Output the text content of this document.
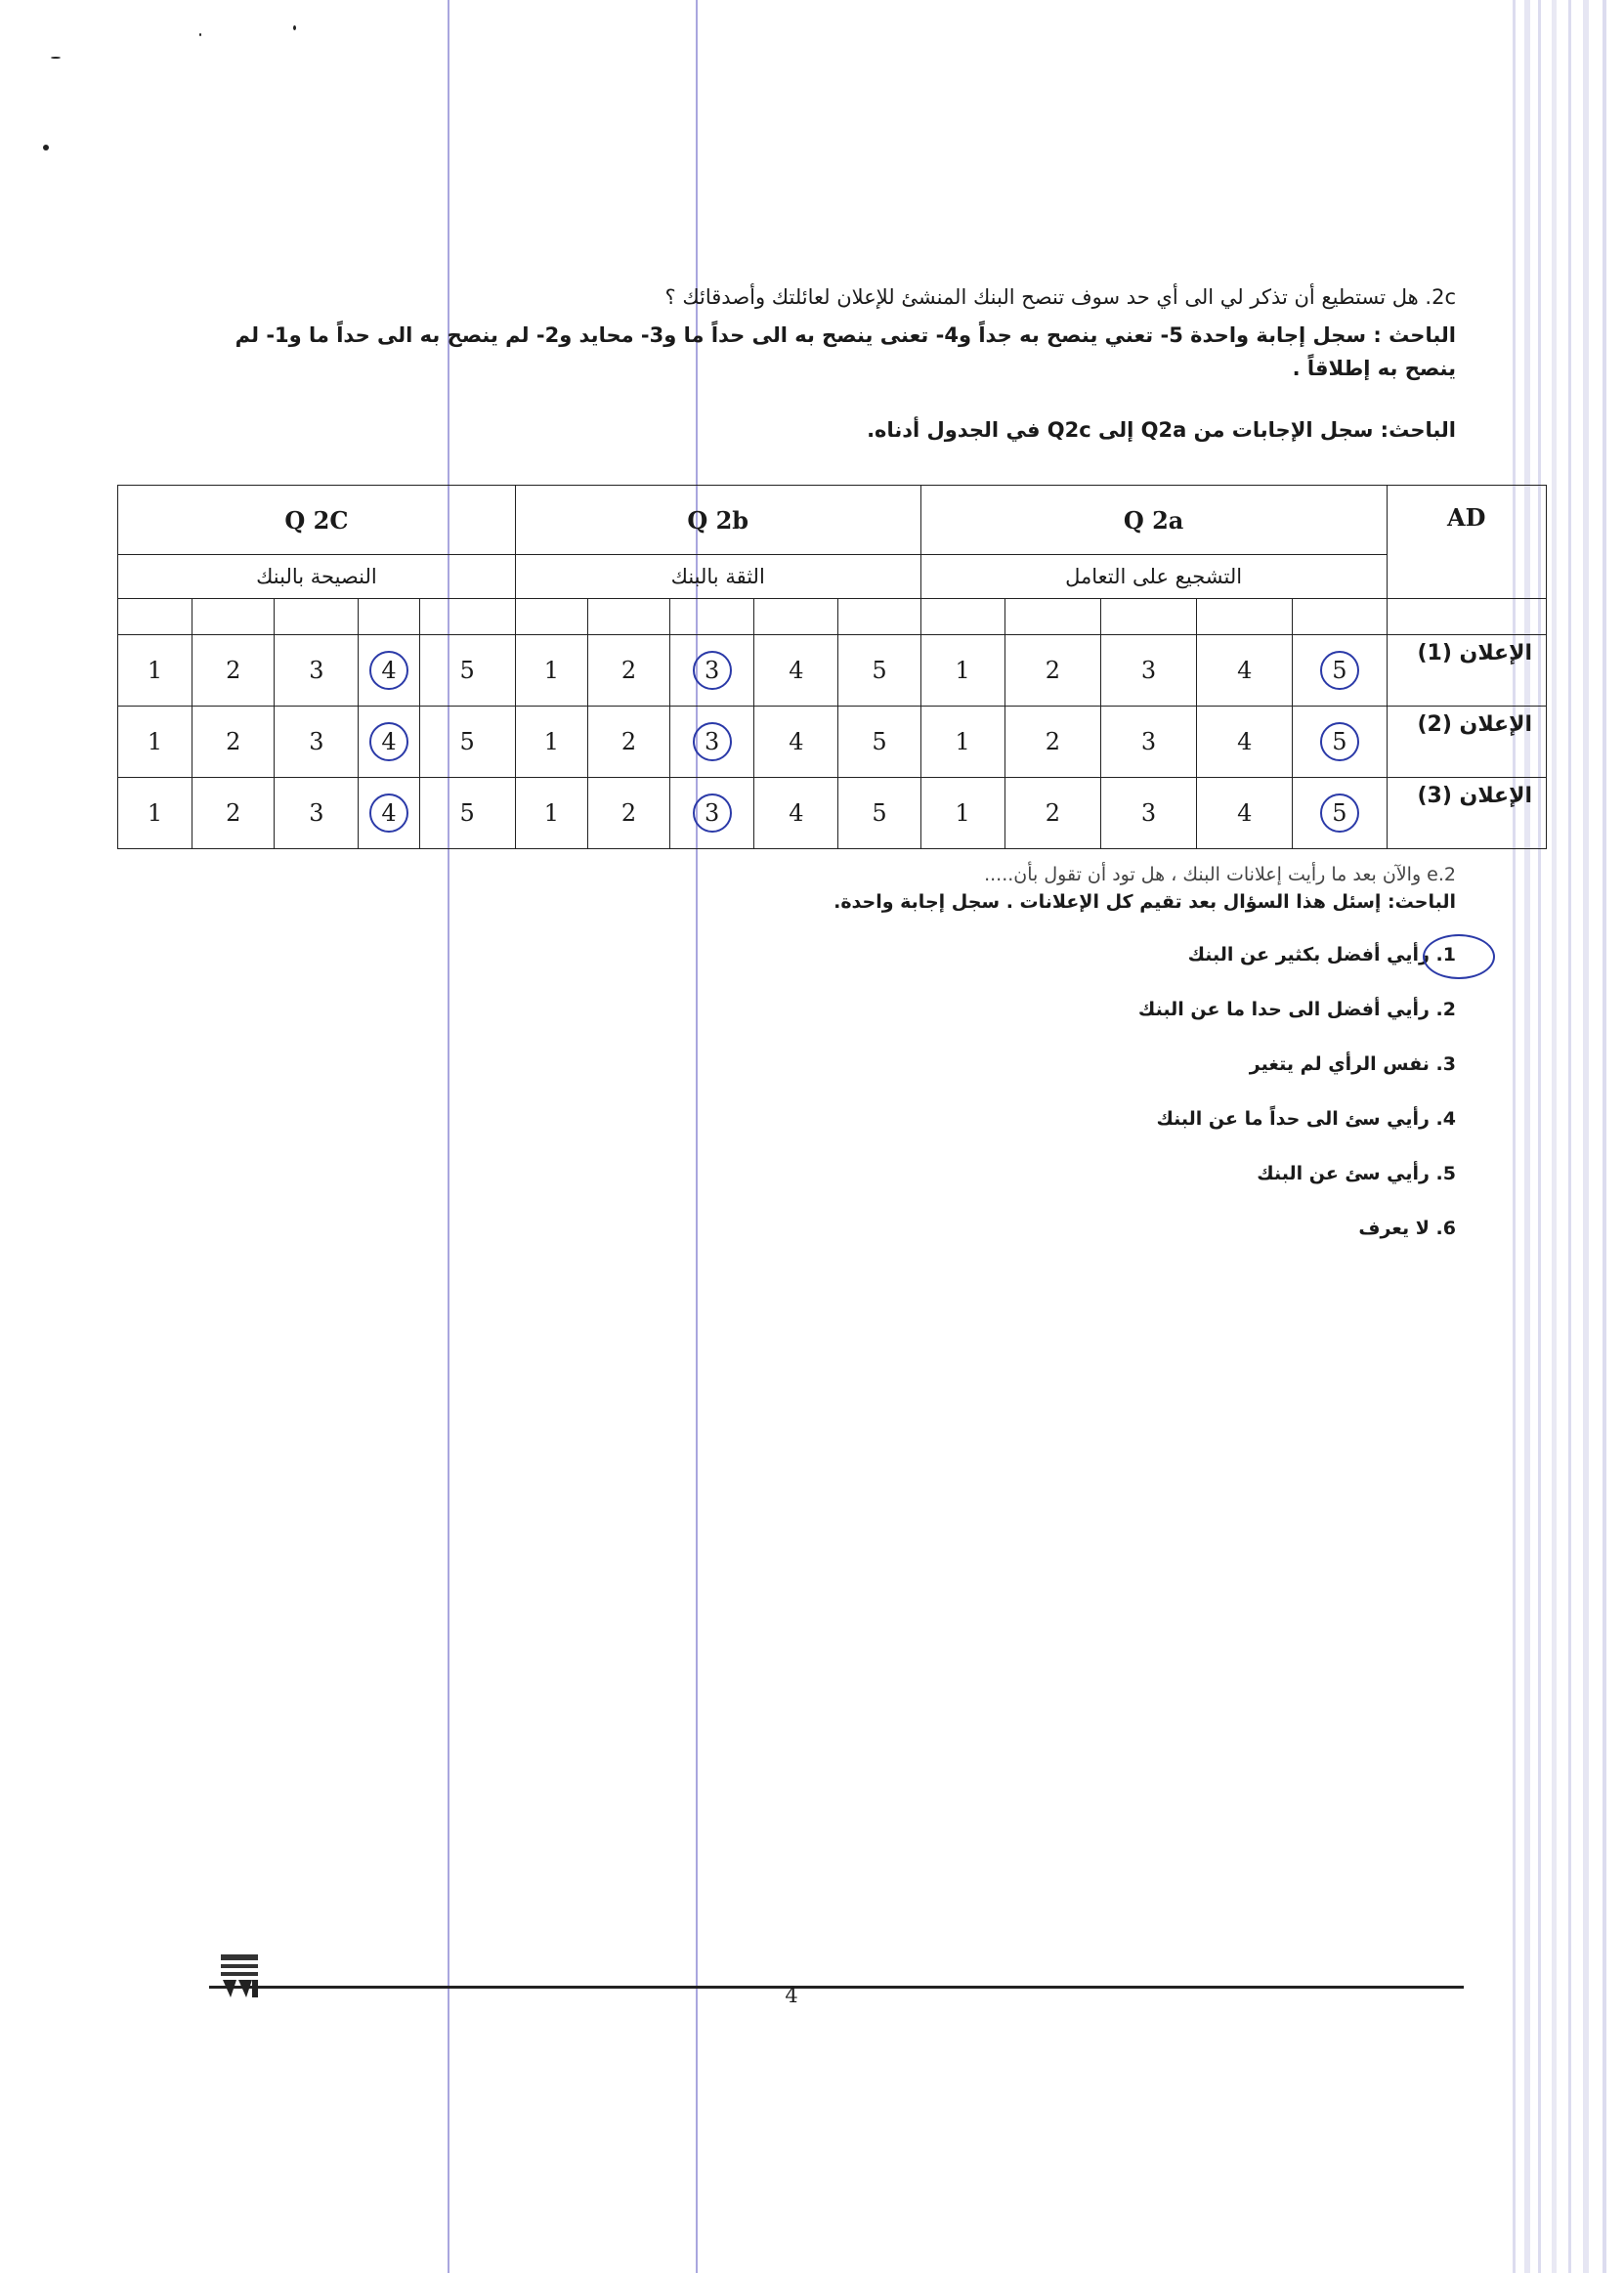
2c. هل تستطيع أن تذكر لي الى أي حد سوف تنصح البنك المنشئ للإعلان لعائلتك وأصدقائك ؟
الباحث : سجل إجابة واحدة 5- تعني ينصح به جداً و4- تعنى ينصح به الى حداً ما و3- محايد و2- لم ينصح به الى حداً ما و1- لم ينصح به إطلاقاً .
الباحث: سجل الإجابات من Q2a إلى Q2c في الجدول أدناه.
Q 2C					Q 2b					Q 2a					AD
النصيحة بالبنك					الثقة بالبنك					التشجيع على التعامل					

1	2	3	4	5	1	2	3	4	5	1	2	3	4	5	الإعلان (1)
1	2	3	4	5	1	2	3	4	5	1	2	3	4	5	الإعلان (2)
1	2	3	4	5	1	2	3	4	5	1	2	3	4	5	الإعلان (3)
2.e والآن بعد ما رأيت إعلانات البنك ، هل تود أن تقول بأن.....
الباحث: إسئل هذا السؤال بعد تقيم كل الإعلانات . سجل إجابة واحدة.
1. رأيي أفضل بكثير عن البنك
2. رأيي أفضل الى حدا ما عن البنك
3. نفس الرأي لم يتغير
4. رأيي سئ الى حداً ما عن البنك
5. رأيي سئ عن البنك
6. لا يعرف
4
